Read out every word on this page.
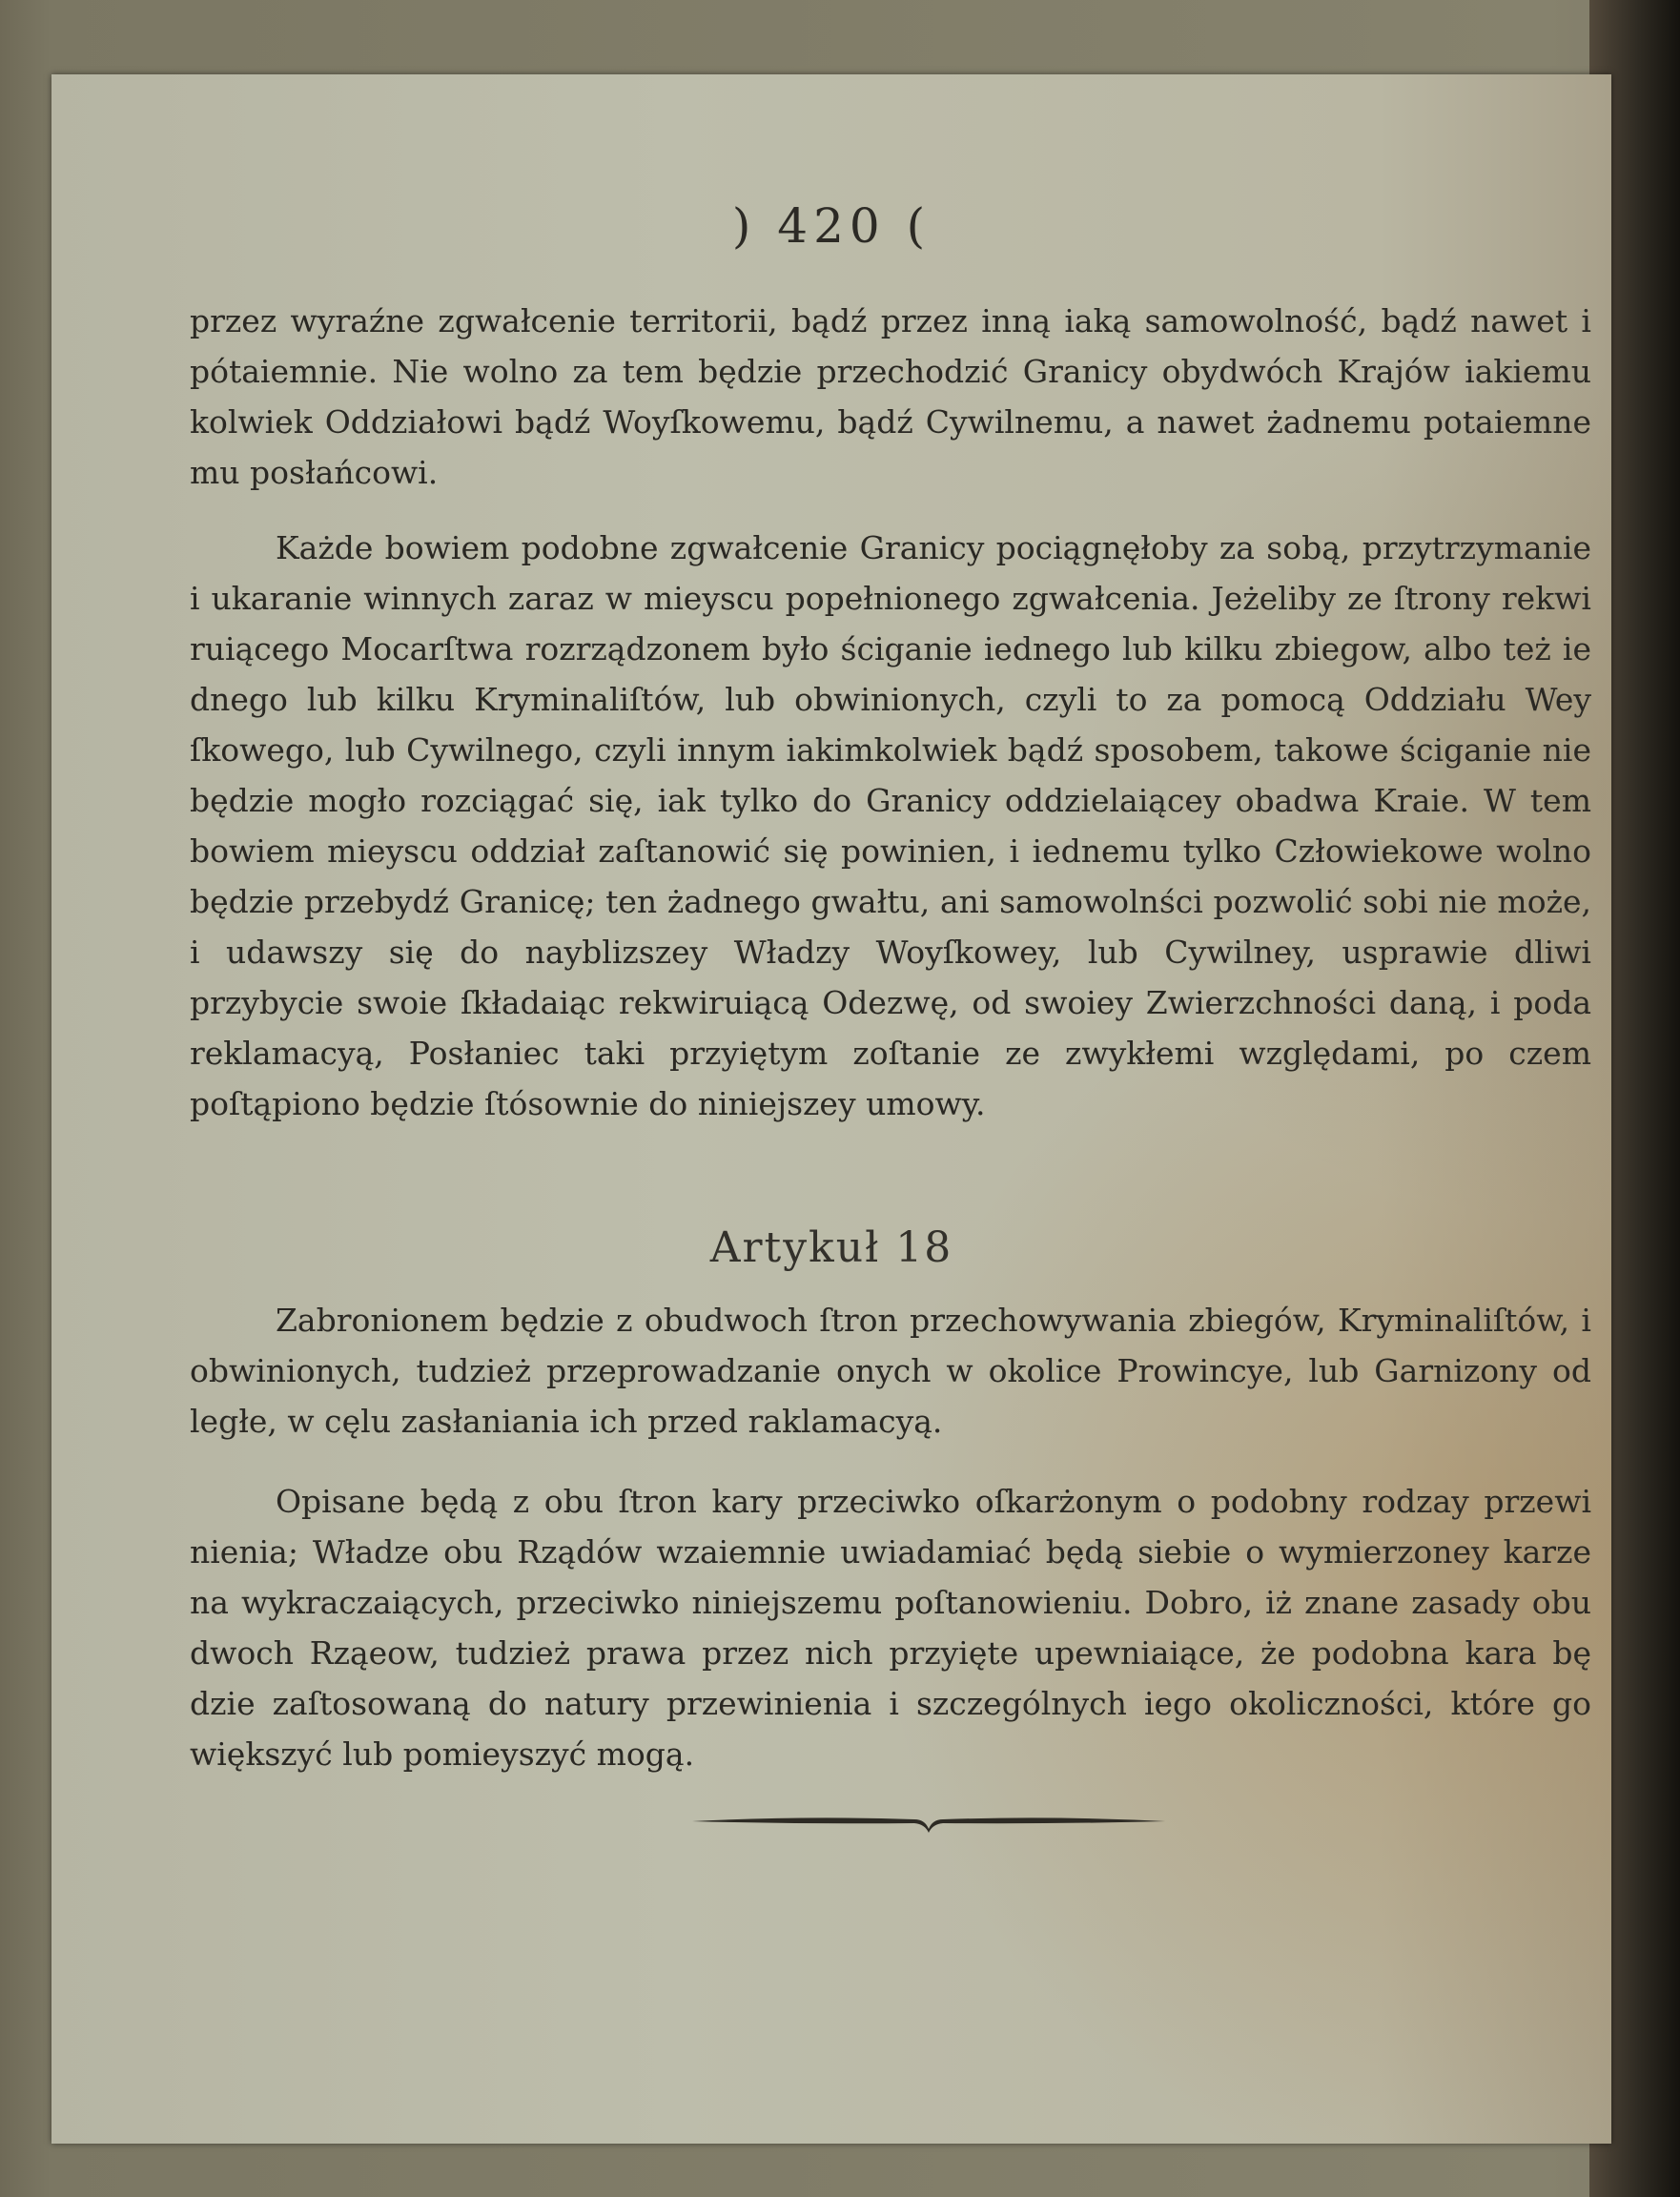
) 420 (

przez wyraźne zgwałcenie territorii, bądź przez inną iaką samowolność, bądź nawet i pótaiemnie. Nie wolno za tem będzie przechodzić Granicy obydwóch Krajów iakiemu kolwiek Oddziałowi bądź Woyſkowemu, bądź Cywilnemu, a nawet żadnemu potaiemne mu posłańcowi.

Każde bowiem podobne zgwałcenie Granicy pociągnęłoby za sobą, przytrzymanie i ukaranie winnych zaraz w mieyscu popełnionego zgwałcenia. Jeżeliby ze ſtrony rekwi ruiącego Mocarſtwa rozrządzonem było ściganie iednego lub kilku zbiegow, albo też ie dnego lub kilku Kryminaliſtów, lub obwinionych, czyli to za pomocą Oddziału Wey ſkowego, lub Cywilnego, czyli innym iakimkolwiek bądź sposobem, takowe ściganie nie będzie mogło rozciągać się, iak tylko do Granicy oddzielaiącey obadwa Kraie. W tem bowiem mieyscu oddział zaſtanowić się powinien, i iednemu tylko Człowiekowe wolno będzie przebydź Granicę; ten żadnego gwałtu, ani samowolnści pozwolić sobi nie może, i udawszy się do nayblizszey Władzy Woyſkowey, lub Cywilney, usprawie dliwi przybycie swoie ſkładaiąc rekwiruiącą Odezwę, od swoiey Zwierzchności daną, i poda reklamacyą, Posłaniec taki przyiętym zoſtanie ze zwykłemi względami, po czem poſtąpiono będzie ſtósownie do niniejszey umowy.

Artykuł 18

Zabronionem będzie z obudwoch ſtron przechowywania zbiegów, Kryminaliſtów, i obwinionych, tudzież przeprowadzanie onych w okolice Prowincye, lub Garnizony od ległe, w cęlu zasłaniania ich przed raklamacyą.

Opisane będą z obu ſtron kary przeciwko oſkarżonym o podobny rodzay przewi nienia; Władze obu Rządów wzaiemnie uwiadamiać będą siebie o wymierzoney karze na wykraczaiących, przeciwko niniejszemu poſtanowieniu. Dobro, iż znane zasady obu dwoch Rząeow, tudzież prawa przez nich przyięte upewniaiące, że podobna kara bę dzie zaſtosowaną do natury przewinienia i szczególnych iego okoliczności, które go większyć lub pomieyszyć mogą.
